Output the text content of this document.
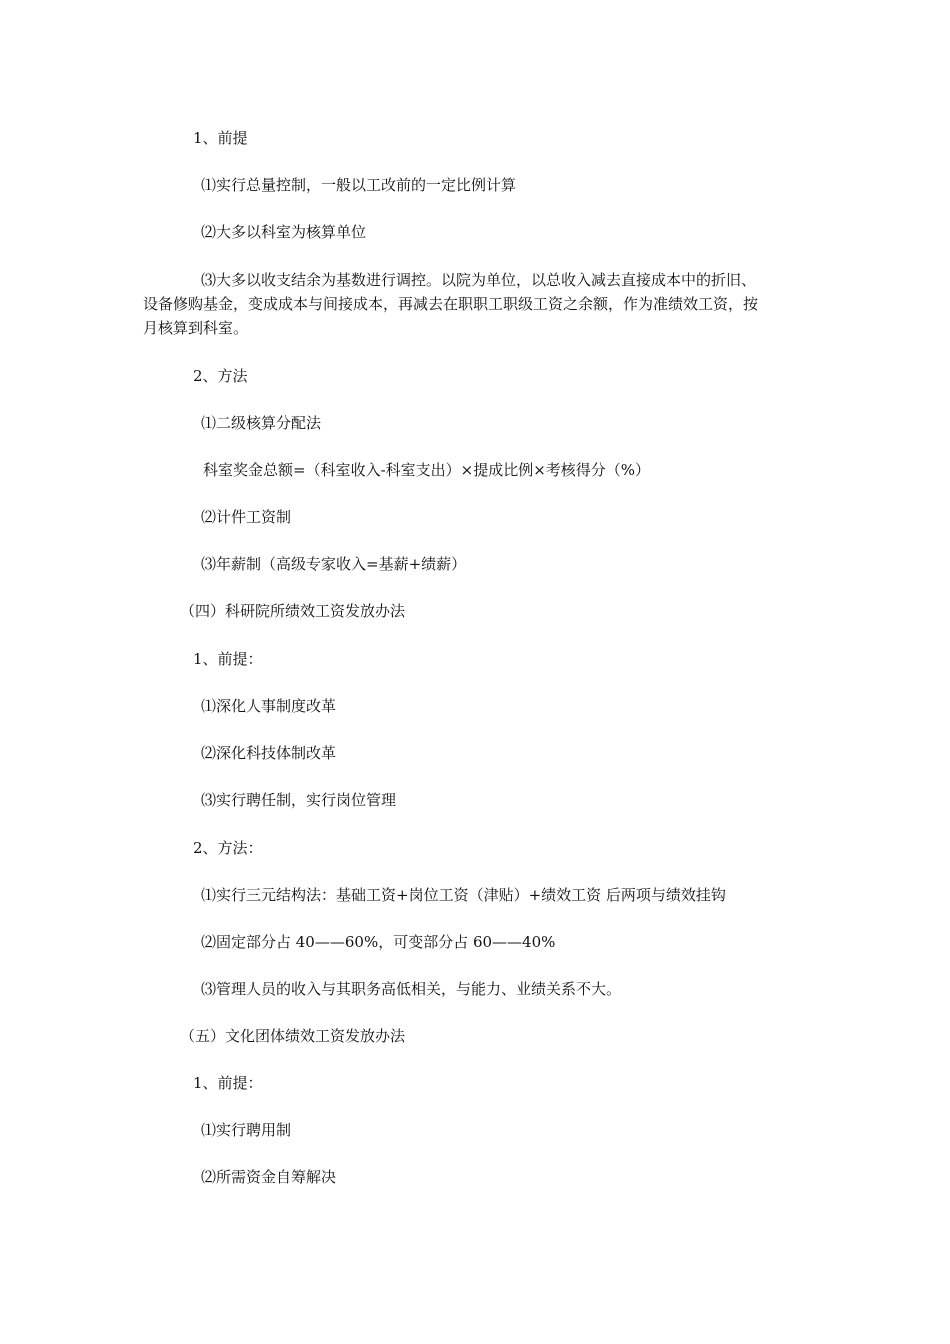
1、前提
⑴实行总量控制，一般以工改前的一定比例计算
⑵大多以科室为核算单位
⑶大多以收支结余为基数进行调控。以院为单位，以总收入减去直接成本中的折旧、
设备修购基金，变成成本与间接成本，再减去在职职工职级工资之余额，作为准绩效工资，按
月核算到科室。
2、方法
⑴二级核算分配法
科室奖金总额=（科室收入-科室支出）×提成比例×考核得分（%）
⑵计件工资制
⑶年薪制（高级专家收入=基薪+绩薪）
（四）科研院所绩效工资发放办法
1、前提：
⑴深化人事制度改革
⑵深化科技体制改革
⑶实行聘任制，实行岗位管理
2、方法：
⑴实行三元结构法：基础工资+岗位工资（津贴）+绩效工资 后两项与绩效挂钩
⑵固定部分占 40——60%，可变部分占 60——40%
⑶管理人员的收入与其职务高低相关，与能力、业绩关系不大。
（五）文化团体绩效工资发放办法
1、前提：
⑴实行聘用制
⑵所需资金自筹解决
